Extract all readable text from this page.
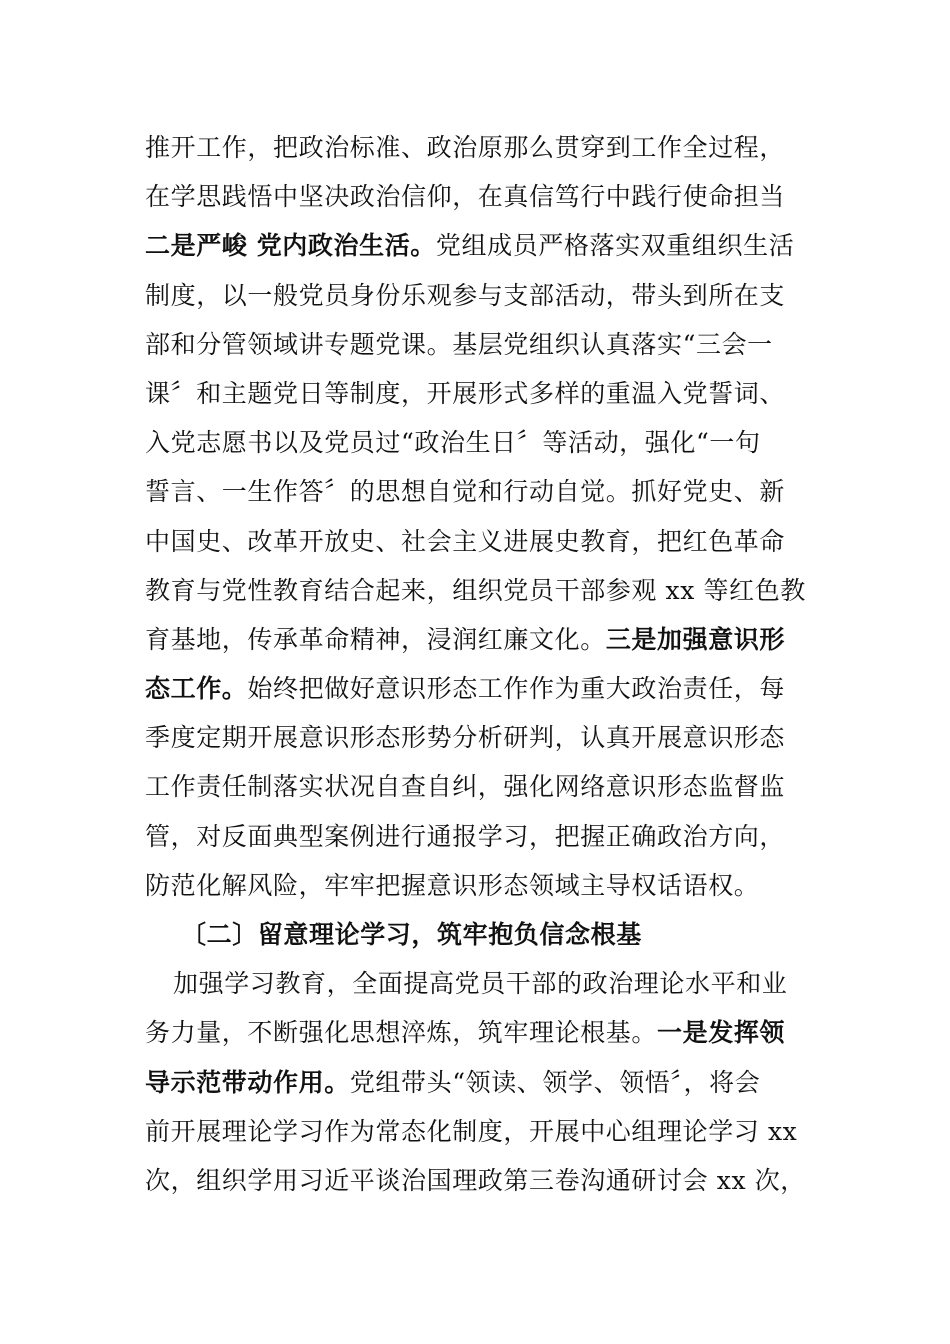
推开工作，把政治标准、政治原那么贯穿到工作全过程，
在学思践悟中坚决政治信仰，在真信笃行中践行使命担当
二是严峻 党内政治生活。党组成员严格落实双重组织生活
制度，以一般党员身份乐观参与支部活动，带头到所在支
部和分管领域讲专题党课。基层党组织认真落实“三会一
课〞和主题党日等制度，开展形式多样的重温入党誓词、
入党志愿书以及党员过“政治生日〞等活动，强化“一句
誓言、一生作答〞的思想自觉和行动自觉。抓好党史、新
中国史、改革开放史、社会主义进展史教育，把红色革命
教育与党性教育结合起来，组织党员干部参观 xx 等红色教
育基地，传承革命精神，浸润红廉文化。三是加强意识形
态工作。始终把做好意识形态工作作为重大政治责任，每
季度定期开展意识形态形势分析研判，认真开展意识形态
工作责任制落实状况自查自纠，强化网络意识形态监督监
管，对反面典型案例进行通报学习，把握正确政治方向，
防范化解风险，牢牢把握意识形态领域主导权话语权。
〔二〕留意理论学习，筑牢抱负信念根基
加强学习教育，全面提高党员干部的政治理论水平和业
务力量，不断强化思想淬炼，筑牢理论根基。一是发挥领
导示范带动作用。党组带头“领读、领学、领悟〞，将会
前开展理论学习作为常态化制度，开展中心组理论学习 xx
次，组织学用习近平谈治国理政第三卷沟通研讨会 xx 次，
